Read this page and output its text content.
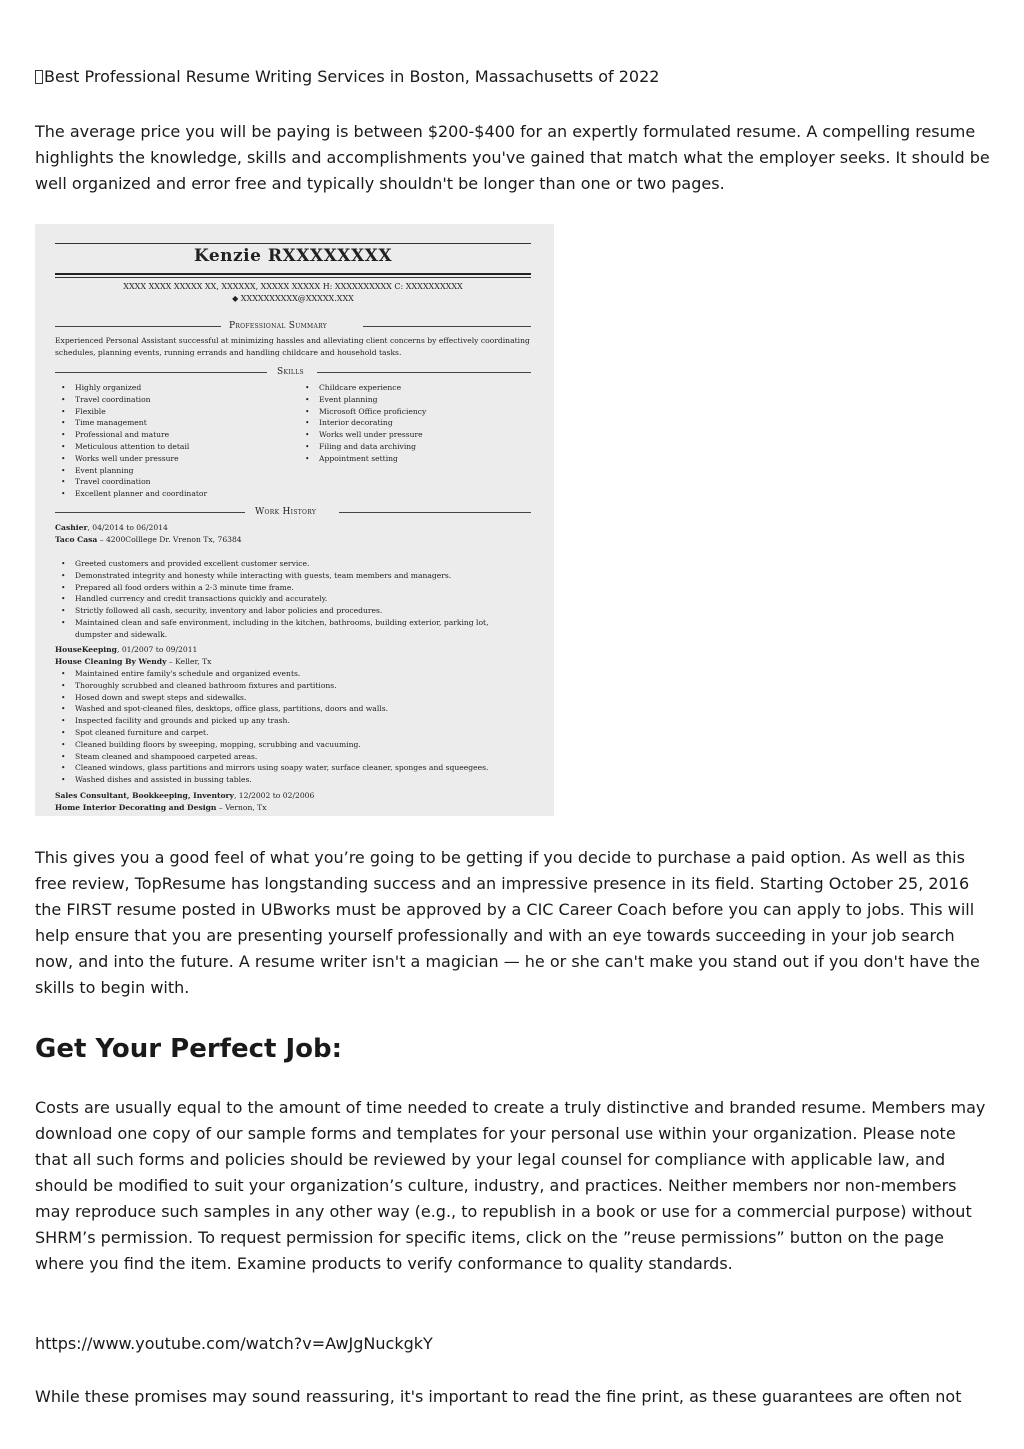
Best Professional Resume Writing Services in Boston, Massachusetts of 2022

The average price you will be paying is between $200-$400 for an expertly formulated resume. A compelling resume highlights the knowledge, skills and accomplishments you've gained that match what the employer seeks. It should be well organized and error free and typically shouldn't be longer than one or two pages.

Kenzie RXXXXXXXX
XXXX XXXX XXXXX XX, XXXXXX, XXXXX XXXXX H: XXXXXXXXXX C: XXXXXXXXXX
◆ XXXXXXXXXX@XXXXX.XXX
Professional Summary
Experienced Personal Assistant successful at minimizing hassles and alleviating client concerns by effectively coordinating schedules, planning events, running errands and handling childcare and household tasks.
Skills
• Highly organized
• Travel coordination
• Flexible
• Time management
• Professional and mature
• Meticulous attention to detail
• Works well under pressure
• Event planning
• Travel coordination
• Excellent planner and coordinator
• Childcare experience
• Event planning
• Microsoft Office proficiency
• Interior decorating
• Works well under pressure
• Filing and data archiving
• Appointment setting
Work History
Cashier, 04/2014 to 06/2014
Taco Casa – 4200Colllege Dr. Vrenon Tx, 76384
• Greeted customers and provided excellent customer service.
• Demonstrated integrity and honesty while interacting with guests, team members and managers.
• Prepared all food orders within a 2-3 minute time frame.
• Handled currency and credit transactions quickly and accurately.
• Strictly followed all cash, security, inventory and labor policies and procedures.
• Maintained clean and safe environment, including in the kitchen, bathrooms, building exterior, parking lot,
dumpster and sidewalk.
HouseKeeping, 01/2007 to 09/2011
House Cleaning By Wendy – Keller, Tx
• Maintained entire family's schedule and organized events.
• Thoroughly scrubbed and cleaned bathroom fixtures and partitions.
• Hosed down and swept steps and sidewalks.
• Washed and spot-cleaned files, desktops, office glass, partitions, doors and walls.
• Inspected facility and grounds and picked up any trash.
• Spot cleaned furniture and carpet.
• Cleaned building floors by sweeping, mopping, scrubbing and vacuuming.
• Steam cleaned and shampooed carpeted areas.
• Cleaned windows, glass partitions and mirrors using soapy water, surface cleaner, sponges and squeegees.
• Washed dishes and assisted in bussing tables.
Sales Consultant, Bookkeeping, Inventory, 12/2002 to 02/2006
Home Interior Decorating and Design – Vernon, Tx

This gives you a good feel of what you’re going to be getting if you decide to purchase a paid option. As well as this free review, TopResume has longstanding success and an impressive presence in its field. Starting October 25, 2016 the FIRST resume posted in UBworks must be approved by a CIC Career Coach before you can apply to jobs. This will help ensure that you are presenting yourself professionally and with an eye towards succeeding in your job search now, and into the future. A resume writer isn't a magician — he or she can't make you stand out if you don't have the skills to begin with.

Get Your Perfect Job:

Costs are usually equal to the amount of time needed to create a truly distinctive and branded resume. Members may download one copy of our sample forms and templates for your personal use within your organization. Please note that all such forms and policies should be reviewed by your legal counsel for compliance with applicable law, and should be modified to suit your organization’s culture, industry, and practices. Neither members nor non-members may reproduce such samples in any other way (e.g., to republish in a book or use for a commercial purpose) without SHRM’s permission. To request permission for specific items, click on the ”reuse permissions” button on the page where you find the item. Examine products to verify conformance to quality standards.

https://www.youtube.com/watch?v=AwJgNuckgkY

While these promises may sound reassuring, it's important to read the fine print, as these guarantees are often not
